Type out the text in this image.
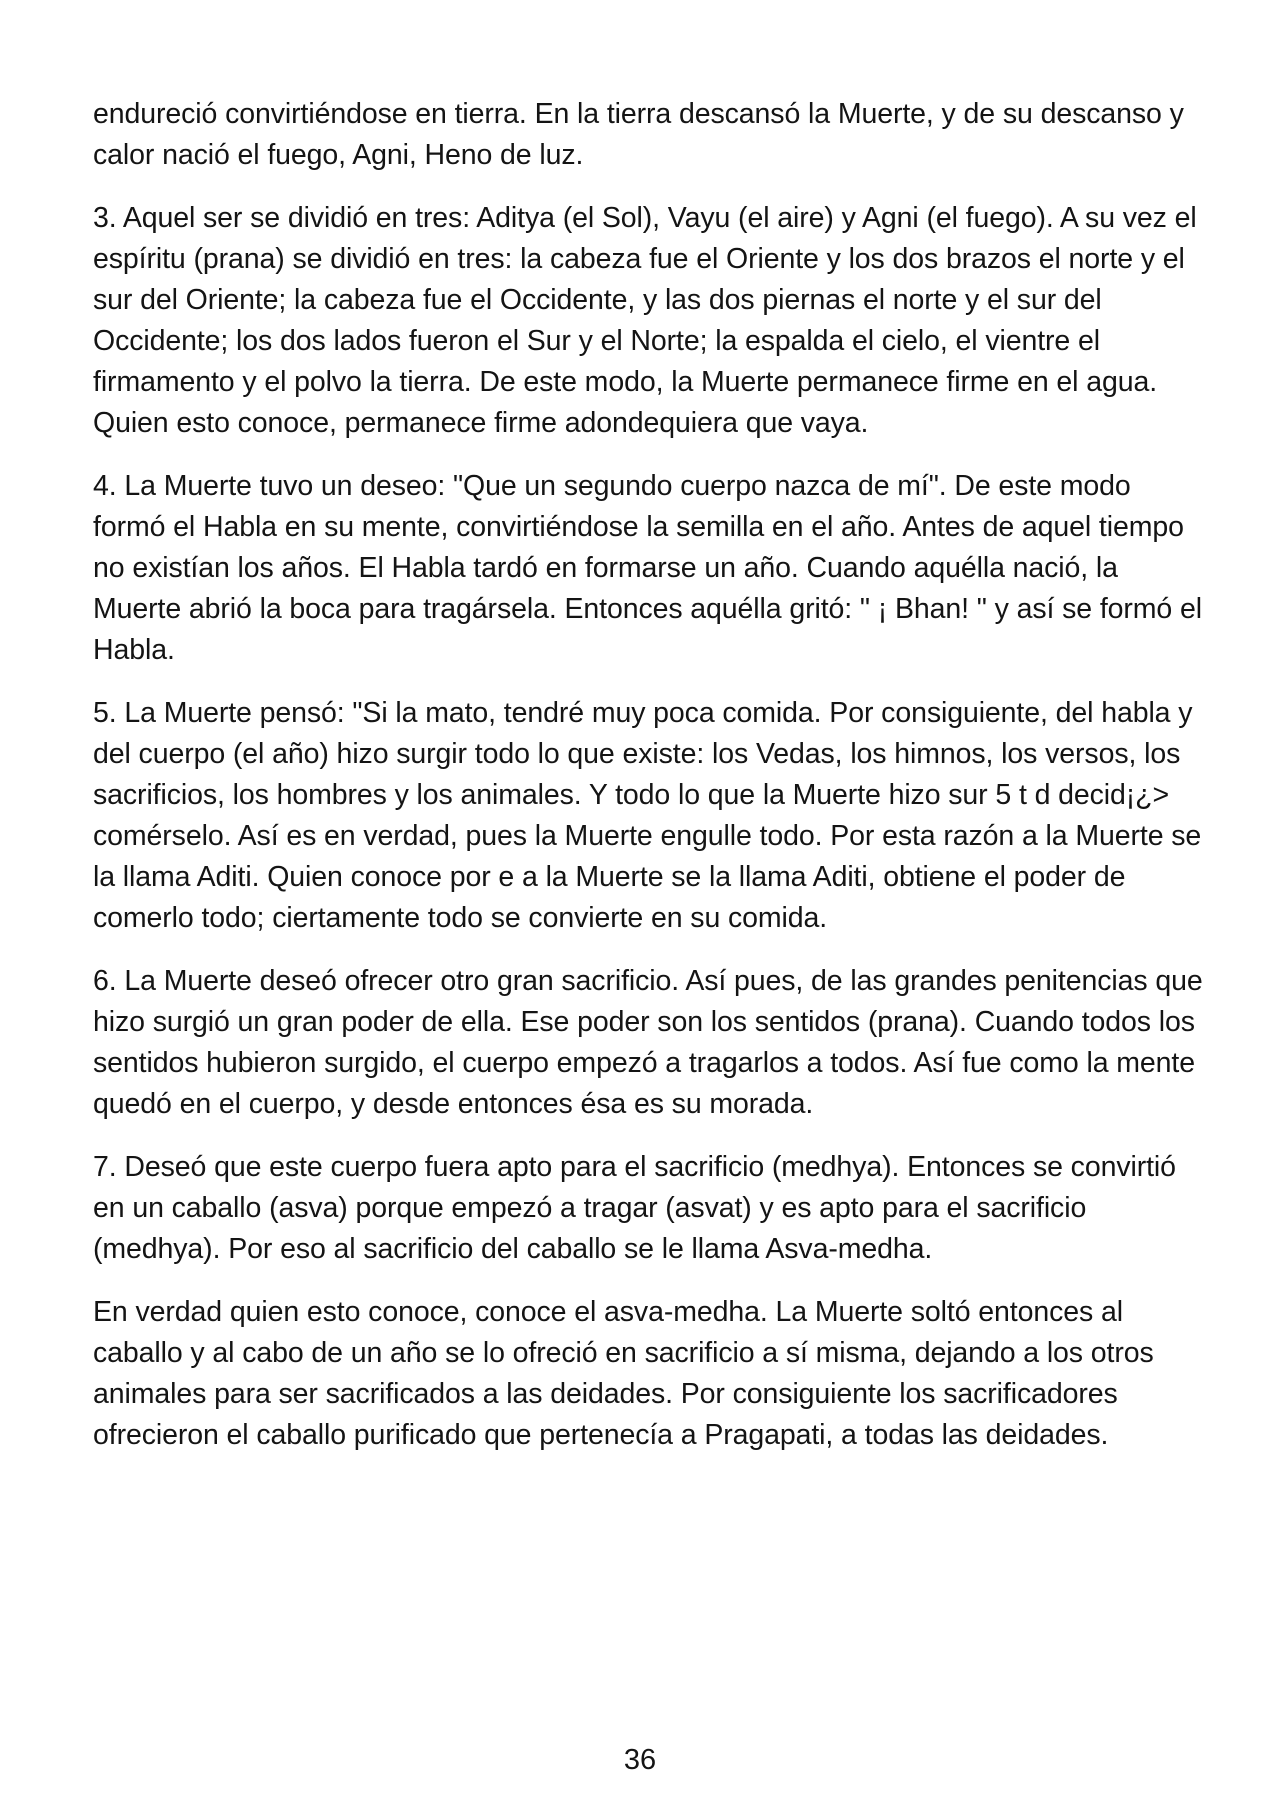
endureció convirtiéndose en tierra. En la tierra descansó la Muerte, y de su descanso y calor nació el fuego, Agni, Heno de luz.

3. Aquel ser se dividió en tres: Aditya (el Sol), Vayu (el aire) y Agni (el fuego). A su vez el espíritu (prana) se dividió en tres: la cabeza fue el Oriente y los dos brazos el norte y el sur del Oriente; la cabeza fue el Occidente, y las dos piernas el norte y el sur del Occidente; los dos lados fueron el Sur y el Norte; la espalda el cielo, el vientre el firmamento y el polvo la tierra. De este modo, la Muerte permanece firme en el agua. Quien esto conoce, permanece firme adondequiera que vaya.

4. La Muerte tuvo un deseo: "Que un segundo cuerpo nazca de mí". De este modo formó el Habla en su mente, convirtiéndose la semilla en el año. Antes de aquel tiempo no existían los años. El Habla tardó en formarse un año. Cuando aquélla nació, la Muerte abrió la boca para tragársela. Entonces aquélla gritó: " ¡ Bhan! " y así se formó el Habla.

5. La Muerte pensó: "Si la mato, tendré muy poca comida. Por consiguiente, del habla y del cuerpo (el año) hizo surgir todo lo que existe: los Vedas, los himnos, los versos, los sacrificios, los hombres y los animales. Y todo lo que la Muerte hizo sur 5 t d decid¡¿> comérselo. Así es en verdad, pues la Muerte engulle todo. Por esta razón a la Muerte se la llama Aditi. Quien conoce por e a la Muerte se la llama Aditi, obtiene el poder de comerlo todo; ciertamente todo se convierte en su comida.

6. La Muerte deseó ofrecer otro gran sacrificio. Así pues, de las grandes penitencias que hizo surgió un gran poder de ella. Ese poder son los sentidos (prana). Cuando todos los sentidos hubieron surgido, el cuerpo empezó a tragarlos a todos. Así fue como la mente quedó en el cuerpo, y desde entonces ésa es su morada.

7. Deseó que este cuerpo fuera apto para el sacrificio (medhya). Entonces se convirtió en un caballo (asva) porque empezó a tragar (asvat) y es apto para el sacrificio (medhya). Por eso al sacrificio del caballo se le llama Asva-medha.

En verdad quien esto conoce, conoce el asva-medha. La Muerte soltó entonces al caballo y al cabo de un año se lo ofreció en sacrificio a sí misma, dejando a los otros animales para ser sacrificados a las deidades. Por consiguiente los sacrificadores ofrecieron el caballo purificado que pertenecía a Pragapati, a todas las deidades.

36
